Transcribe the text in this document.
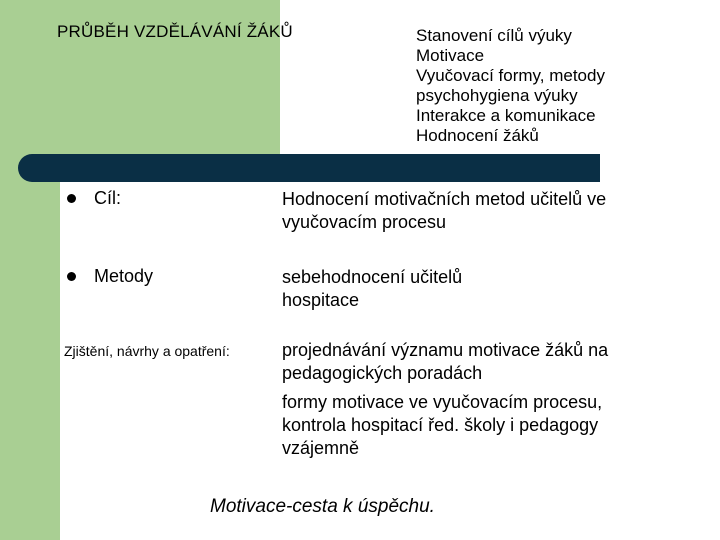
PRŮBĚH VZDĚLÁVÁNÍ ŽÁKŮ	Stanovení cílů výuky
Motivace
Vyučovací formy, metody
psychohygiena výuky
Interakce a komunikace
Hodnocení žáků
Cíl:	Hodnocení motivačních metod učitelů ve
vyučovacím procesu
Metody	sebehodnocení učitelů
hospitace
Zjištění, návrhy a opatření:	projednávání významu motivace žáků na
pedagogických poradách
formy motivace ve vyučovacím procesu,
kontrola hospitací řed. školy i pedagogy
vzájemně
Motivace-cesta k úspěchu.
